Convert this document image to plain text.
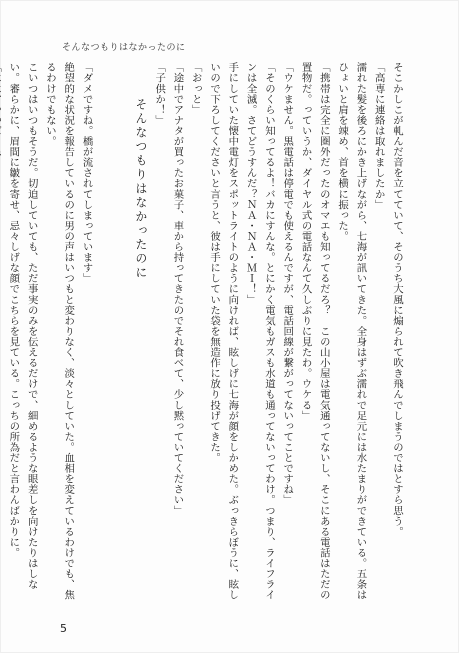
そんなつもりはなかったのに

そこかしこが軋んだ音を立てていて、そのうち大風に煽られて吹き飛んでしまうのではとすら思う。

「高専に連絡は取れましたか」

濡れた髪を後ろにかき上げながら、七海が訊いてきた。全身はずぶ濡れで足元には水たまりができている。五条はひょいと肩を竦め、首を横に振った。

「携帯は完全に圏外だったのオマエも知ってるだろ？　この山小屋は電気通ってないし、そこにある電話はただの置物だ。っていうか、ダイヤル式の電話なんて久しぶりに見たわ。ウケる」

「ウケません。黒電話は停電でも使えるんですが、電話回線が繋がってないってことですね」

「そのくらい知ってるよ！バカにすんな。とにかく電気もガスも水道も通ってないってわけ。つまり、ライフラインは全滅。さてどうすんだ？ＮＡ・ＮＡ・ＭＩ！」

手にしていた懐中電灯をスポットライトのように向ければ、眩しげに七海が顔をしかめた。ぶっきらぼうに、眩しいので下ろしてくださいと言うと、彼は手にしていた袋を無造作に放り投げてきた。

「おっと」

「途中でアナタが買ったお菓子、車から持ってきたのでそれ食べて、少し黙っていてください」

「子供か！」

そんなつもりはなかったのに

「ダメですね。橋が流されてしまっています」

絶望的な状況を報告しているのに男の声はいつもと変わりなく、淡々としていた。血相を変えているわけでも、焦るわけでもない。

こいつはいつもそうだ。切迫していても、ただ事実のみを伝えるだけで、細めるような眼差しを向けたりはしない。審らかに、眉間に皺を寄せ、忌々しげな顔でこちらを見ている。こっちの所為だと言わんばかりに。

5
